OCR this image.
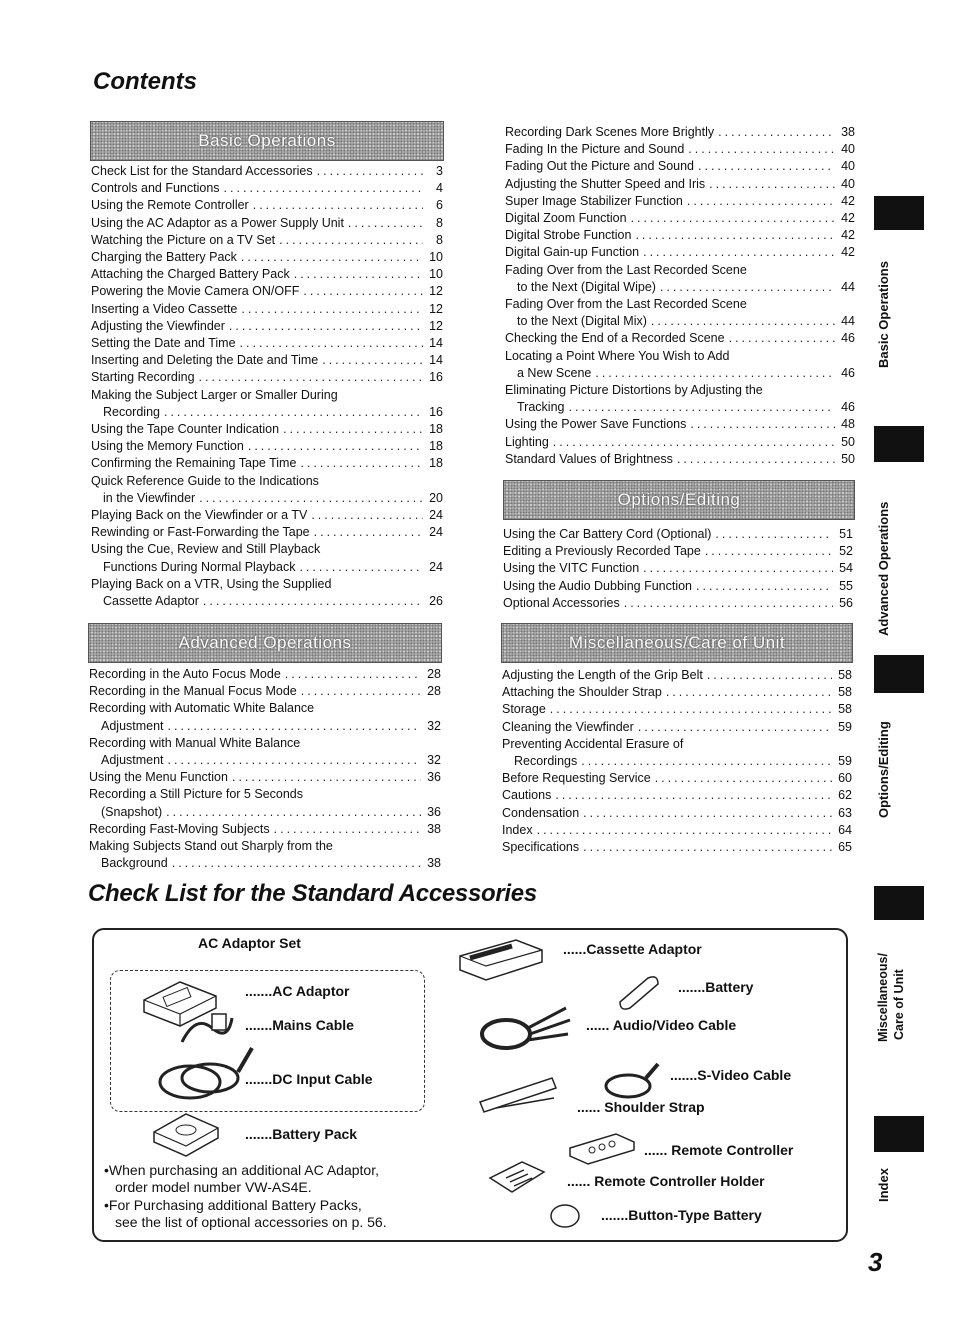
Contents
Basic Operations
Check List for the Standard Accessories .....	3
Controls and Functions .....	4
Using the Remote Controller .....	6
Using the AC Adaptor as a Power Supply Unit .....	8
Watching the Picture on a TV Set .....	8
Charging the Battery Pack .....	10
Attaching the Charged Battery Pack .....	10
Powering the Movie Camera ON/OFF .....	12
Inserting a Video Cassette .....	12
Adjusting the Viewfinder .....	12
Setting the Date and Time .....	14
Inserting and Deleting the Date and Time .....	14
Starting Recording .....	16
Making the Subject Larger or Smaller During
Recording .....	16
Using the Tape Counter Indication .....	18
Using the Memory Function .....	18
Confirming the Remaining Tape Time .....	18
Quick Reference Guide to the Indications
in the Viewfinder .....	20
Playing Back on the Viewfinder or a TV .....	24
Rewinding or Fast-Forwarding the Tape .....	24
Using the Cue, Review and Still Playback
Functions During Normal Playback .....	24
Playing Back on a VTR, Using the Supplied
Cassette Adaptor .....	26
Advanced Operations
Recording in the Auto Focus Mode .....	28
Recording in the Manual Focus Mode .....	28
Recording with Automatic White Balance
Adjustment .....	32
Recording with Manual White Balance
Adjustment .....	32
Using the Menu Function .....	36
Recording a Still Picture for 5 Seconds
(Snapshot) .....	36
Recording Fast-Moving Subjects .....	38
Making Subjects Stand out Sharply from the
Background .....	38
Recording Dark Scenes More Brightly .....	38
Fading In the Picture and Sound .....	40
Fading Out the Picture and Sound .....	40
Adjusting the Shutter Speed and Iris .....	40
Super Image Stabilizer Function .....	42
Digital Zoom Function .....	42
Digital Strobe Function .....	42
Digital Gain-up Function .....	42
Fading Over from the Last Recorded Scene
to the Next (Digital Wipe) .....	44
Fading Over from the Last Recorded Scene
to the Next (Digital Mix) .....	44
Checking the End of a Recorded Scene .....	46
Locating a Point Where You Wish to Add
a New Scene .....	46
Eliminating Picture Distortions by Adjusting the
Tracking .....	46
Using the Power Save Functions .....	48
Lighting .....	50
Standard Values of Brightness .....	50
Options/Editing
Using the Car Battery Cord (Optional) .....	51
Editing a Previously Recorded Tape .....	52
Using the VITC Function .....	54
Using the Audio Dubbing Function .....	55
Optional Accessories .....	56
Miscellaneous/Care of Unit
Adjusting the Length of the Grip Belt .....	58
Attaching the Shoulder Strap .....	58
Storage .....	58
Cleaning the Viewfinder .....	59
Preventing Accidental Erasure of
Recordings .....	59
Before Requesting Service .....	60
Cautions .....	62
Condensation .....	63
Index .....	64
Specifications .....	65
Basic Operations
Advanced Operations
Options/Editing
Miscellaneous/ Care of Unit
Index
Check List for the Standard Accessories
AC Adaptor Set
.......AC Adaptor
.......Mains Cable
.......DC Input Cable
.......Battery Pack
•When purchasing an additional AC Adaptor,
order model number VW-AS4E.
•For Purchasing additional Battery Packs,
see the list of optional accessories on p. 56.
......Cassette Adaptor
.......Battery
...... Audio/Video Cable
.......S-Video Cable
...... Shoulder Strap
...... Remote Controller
...... Remote Controller Holder
.......Button-Type Battery
3
